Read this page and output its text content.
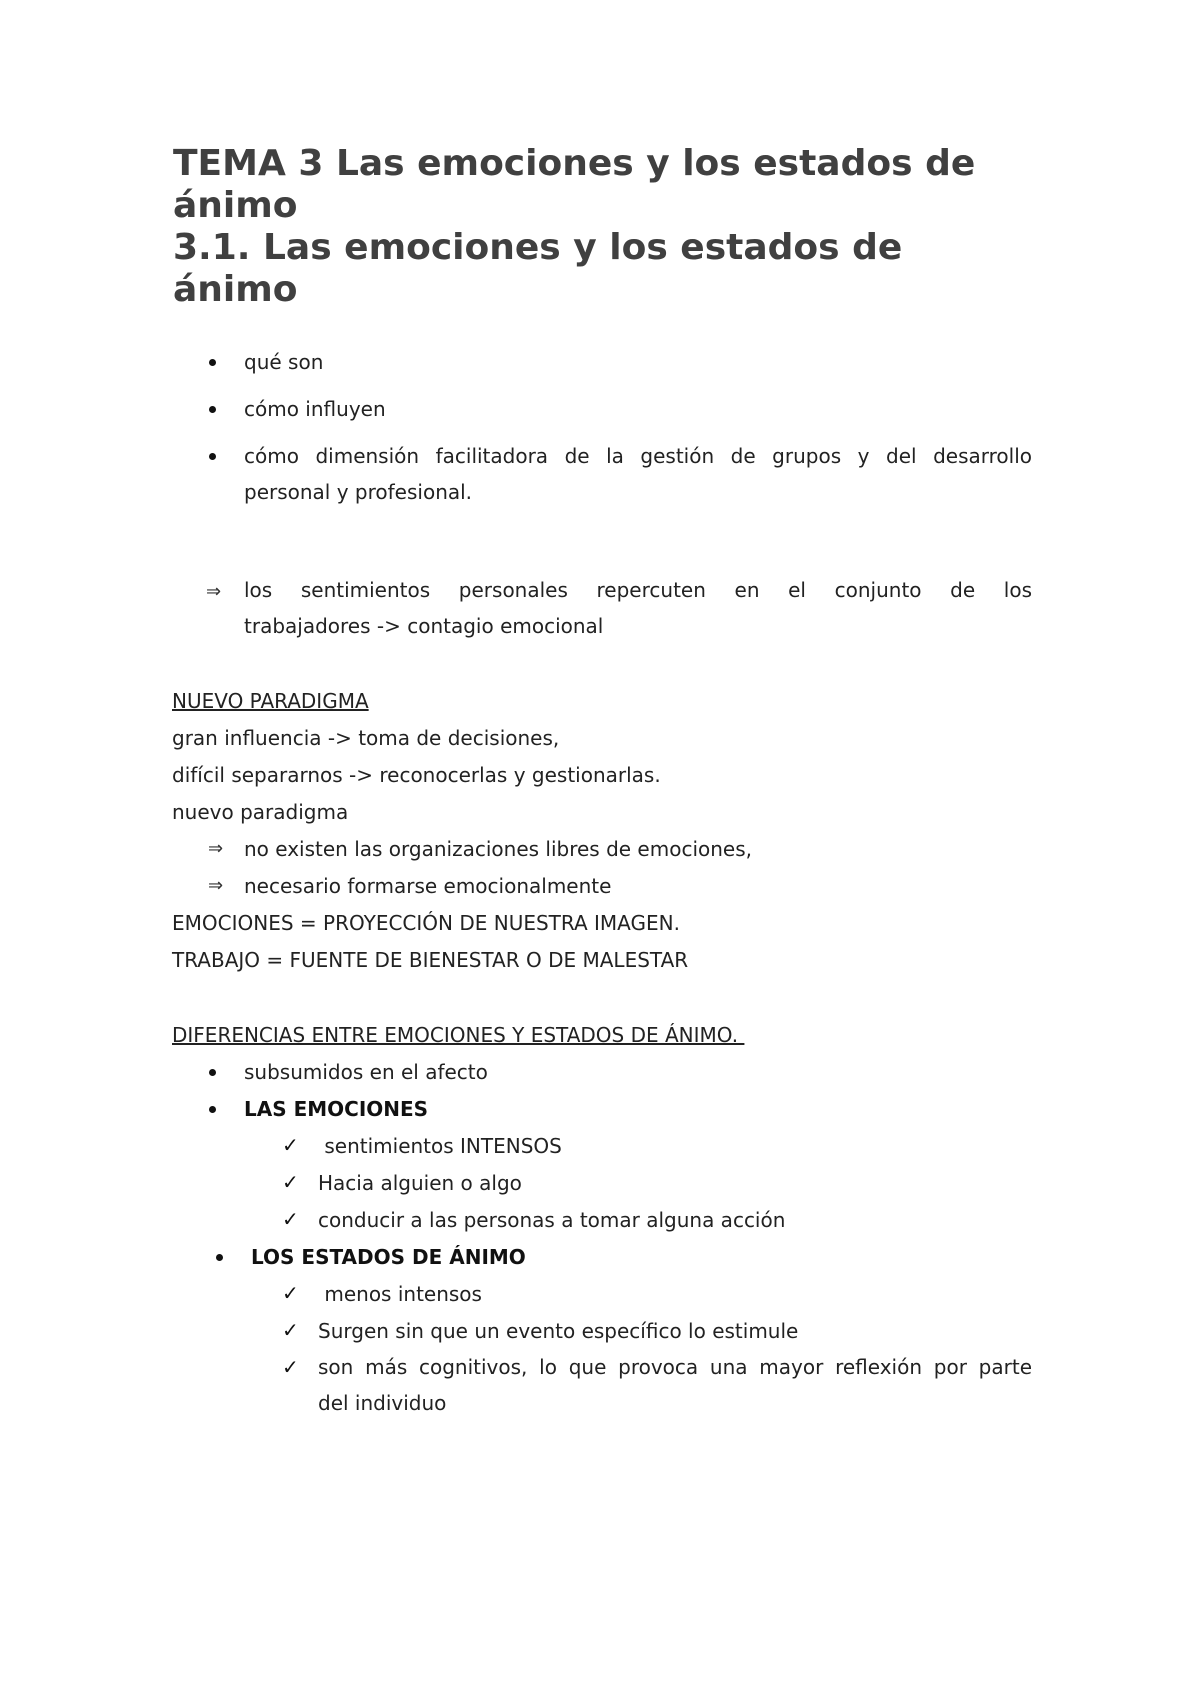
TEMA 3 Las emociones y los estados de
ánimo
3.1. Las emociones y los estados de
ánimo
qué son
cómo influyen
cómo dimensión facilitadora de la gestión de grupos y del desarrollo
personal y profesional.
⇒ los sentimientos personales repercuten en el conjunto de los
trabajadores -> contagio emocional
NUEVO PARADIGMA
gran influencia -> toma de decisiones,
difícil separarnos -> reconocerlas y gestionarlas.
nuevo paradigma
⇒ no existen las organizaciones libres de emociones,
⇒ necesario formarse emocionalmente
EMOCIONES = PROYECCIÓN DE NUESTRA IMAGEN.
TRABAJO = FUENTE DE BIENESTAR O DE MALESTAR
DIFERENCIAS ENTRE EMOCIONES Y ESTADOS DE ÁNIMO.
subsumidos en el afecto
LAS EMOCIONES
✓ sentimientos INTENSOS
✓ Hacia alguien o algo
✓ conducir a las personas a tomar alguna acción
LOS ESTADOS DE ÁNIMO
✓ menos intensos
✓ Surgen sin que un evento específico lo estimule
✓ son más cognitivos, lo que provoca una mayor reflexión por parte
del individuo
